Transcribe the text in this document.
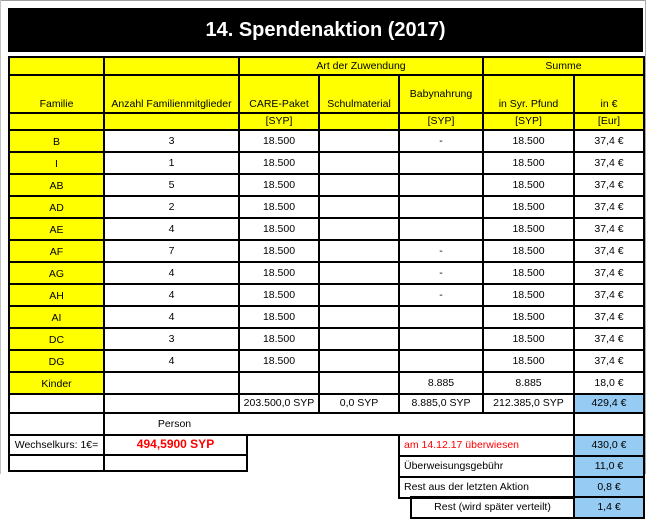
14. Spendenaktion (2017)
		Art der Zuwendung			Summe	
Familie	Anzahl Familienmitglieder	CARE-Paket	Schulmaterial	Babynahrung	in Syr. Pfund	in €
		[SYP]		[SYP]	[SYP]	[Eur]
B	3	18.500		-	18.500	37,4 €
I	1	18.500			18.500	37,4 €
AB	5	18.500			18.500	37,4 €
AD	2	18.500			18.500	37,4 €
AE	4	18.500			18.500	37,4 €
AF	7	18.500		-	18.500	37,4 €
AG	4	18.500		-	18.500	37,4 €
AH	4	18.500		-	18.500	37,4 €
AI	4	18.500			18.500	37,4 €
DC	3	18.500			18.500	37,4 €
DG	4	18.500			18.500	37,4 €
Kinder				8.885	8.885	18,0 €
		203.500,0 SYP	0,0 SYP	8.885,0 SYP	212.385,0 SYP	429,4 €
	Person					
Wechselkurs: 1€=	494,5900 SYP
		am 14.12.17 überwiesen	430,0 €
Überweisungsgebühr	11,0 €
Rest aus der letzten Aktion	0,8 €
Rest (wird später verteilt)	1,4 €
